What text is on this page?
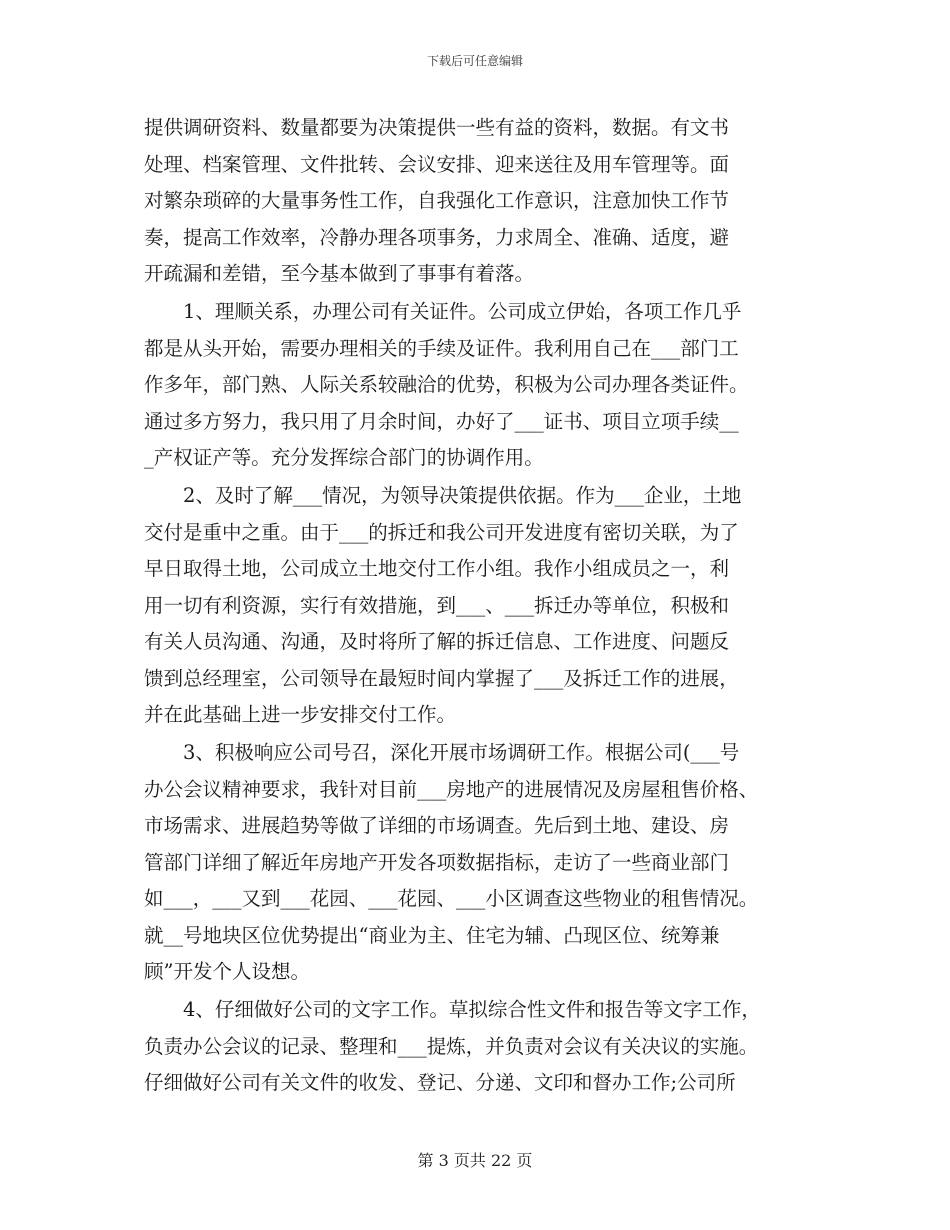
下载后可任意编辑

提供调研资料、数量都要为决策提供一些有益的资料，数据。有文书
处理、档案管理、文件批转、会议安排、迎来送往及用车管理等。面
对繁杂琐碎的大量事务性工作，自我强化工作意识，注意加快工作节
奏，提高工作效率，冷静办理各项事务，力求周全、准确、适度，避
开疏漏和差错，至今基本做到了事事有着落。

1、理顺关系，办理公司有关证件。公司成立伊始，各项工作几乎
都是从头开始，需要办理相关的手续及证件。我利用自己在___部门工
作多年，部门熟、人际关系较融洽的优势，积极为公司办理各类证件。
通过多方努力，我只用了月余时间，办好了___证书、项目立项手续__
_产权证产等。充分发挥综合部门的协调作用。

2、及时了解___情况，为领导决策提供依据。作为___企业，土地
交付是重中之重。由于___的拆迁和我公司开发进度有密切关联，为了
早日取得土地，公司成立土地交付工作小组。我作小组成员之一，利
用一切有利资源，实行有效措施，到___、___拆迁办等单位，积极和
有关人员沟通、沟通，及时将所了解的拆迁信息、工作进度、问题反
馈到总经理室，公司领导在最短时间内掌握了___及拆迁工作的进展，
并在此基础上进一步安排交付工作。

3、积极响应公司号召，深化开展市场调研工作。根据公司(___号
办公会议精神要求，我针对目前___房地产的进展情况及房屋租售价格、
市场需求、进展趋势等做了详细的市场调查。先后到土地、建设、房
管部门详细了解近年房地产开发各项数据指标，走访了一些商业部门
如___，___又到___花园、___花园、___小区调查这些物业的租售情况。
就__号地块区位优势提出“商业为主、住宅为辅、凸现区位、统筹兼
顾”开发个人设想。

4、仔细做好公司的文字工作。草拟综合性文件和报告等文字工作，
负责办公会议的记录、整理和___提炼，并负责对会议有关决议的实施。
仔细做好公司有关文件的收发、登记、分递、文印和督办工作;公司所

第 3 页共 22 页
